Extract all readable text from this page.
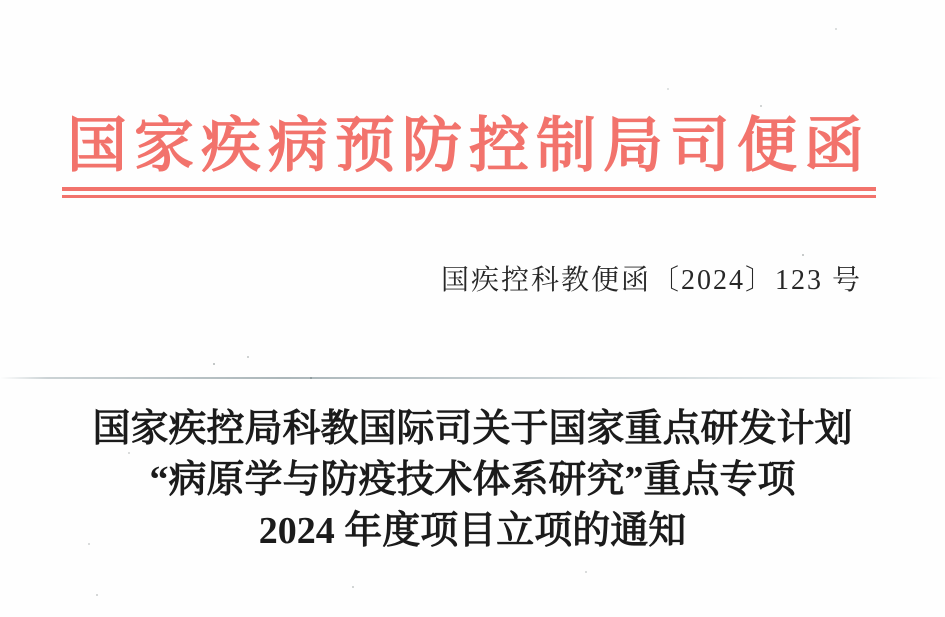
国家疾病预防控制局司便函

国疾控科教便函〔2024〕123 号

国家疾控局科教国际司关于国家重点研发计划
“病原学与防疫技术体系研究”重点专项
2024 年度项目立项的通知
